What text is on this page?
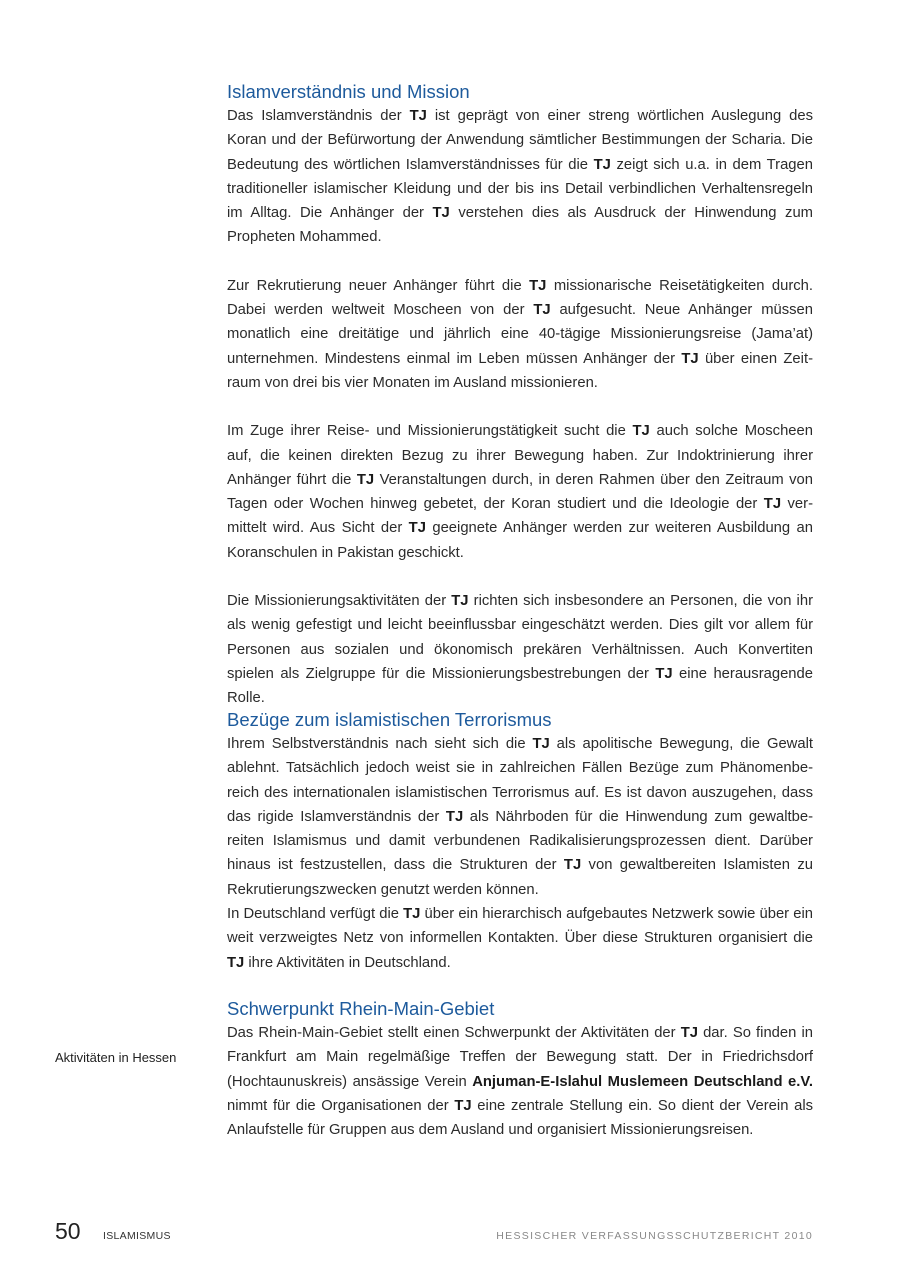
Islamverständnis und Mission

Das Islamverständnis der TJ ist geprägt von einer streng wörtlichen Auslegung des Koran und der Befürwortung der Anwendung sämtlicher Bestimmungen der Scharia. Die Bedeutung des wörtlichen Islamverständnisses für die TJ zeigt sich u.a. in dem Tragen traditioneller islamischer Kleidung und der bis ins Detail verbindlichen Verhaltensregeln im Alltag. Die Anhänger der TJ verstehen dies als Ausdruck der Hinwendung zum Propheten Mohammed.

Zur Rekrutierung neuer Anhänger führt die TJ missionarische Reisetätigkeiten durch. Dabei werden weltweit Moscheen von der TJ aufgesucht. Neue Anhänger müssen monatlich eine dreitätige und jährlich eine 40-tägige Missionierungsreise (Jama’at) unternehmen. Mindestens einmal im Leben müssen Anhänger der TJ über einen Zeitraum von drei bis vier Monaten im Ausland missionieren.

Im Zuge ihrer Reise- und Missionierungstätigkeit sucht die TJ auch solche Moscheen auf, die keinen direkten Bezug zu ihrer Bewegung haben. Zur Indoktrinierung ihrer Anhänger führt die TJ Veranstaltungen durch, in deren Rahmen über den Zeitraum von Tagen oder Wochen hinweg gebetet, der Koran studiert und die Ideologie der TJ vermittelt wird. Aus Sicht der TJ geeignete Anhänger werden zur weiteren Ausbildung an Koranschulen in Pakistan geschickt.

Die Missionierungsaktivitäten der TJ richten sich insbesondere an Personen, die von ihr als wenig gefestigt und leicht beeinflussbar eingeschätzt werden. Dies gilt vor allem für Personen aus sozialen und ökonomisch prekären Verhältnissen. Auch Konvertiten spielen als Zielgruppe für die Missionierungsbestrebungen der TJ eine herausragende Rolle.

Bezüge zum islamistischen Terrorismus

Ihrem Selbstverständnis nach sieht sich die TJ als apolitische Bewegung, die Gewalt ablehnt. Tatsächlich jedoch weist sie in zahlreichen Fällen Bezüge zum Phänomenbereich des internationalen islamistischen Terrorismus auf. Es ist davon auszugehen, dass das rigide Islamverständnis der TJ als Nährboden für die Hinwendung zum gewaltbereiten Islamismus und damit verbundenen Radikalisierungsprozessen dient. Darüber hinaus ist festzustellen, dass die Strukturen der TJ von gewaltbereiten Islamisten zu Rekrutierungszwecken genutzt werden können.

In Deutschland verfügt die TJ über ein hierarchisch aufgebautes Netzwerk sowie über ein weit verzweigtes Netz von informellen Kontakten. Über diese Strukturen organisiert die TJ ihre Aktivitäten in Deutschland.

Schwerpunkt Rhein-Main-Gebiet

Das Rhein-Main-Gebiet stellt einen Schwerpunkt der Aktivitäten der TJ dar. So finden in Frankfurt am Main regelmäßige Treffen der Bewegung statt. Der in Friedrichsdorf (Hochtaunuskreis) ansässige Verein Anjuman-E-Islahul Muslemeen Deutschland e.V. nimmt für die Organisationen der TJ eine zentrale Stellung ein. So dient der Verein als Anlaufstelle für Gruppen aus dem Ausland und organisiert Missionierungsreisen.

Aktivitäten in Hessen
50 ISLAMISMUS	HESSISCHER VERFASSUNGSSCHUTZBERICHT 2010
